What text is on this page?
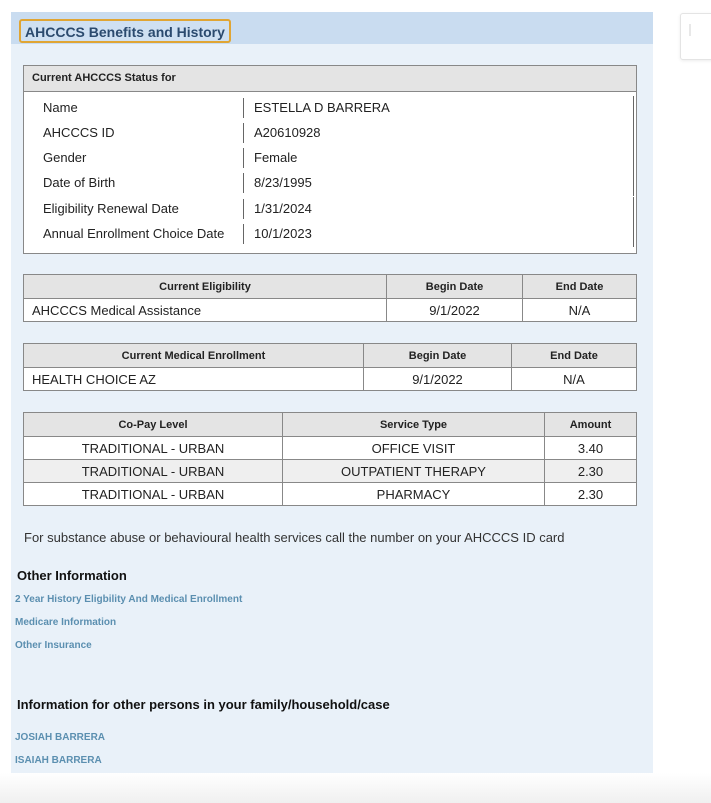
AHCCCS Benefits and History
Current AHCCCS Status for
Name	ESTELLA D BARRERA
AHCCCS ID	A20610928
Gender	Female
Date of Birth	8/23/1995
Eligibility Renewal Date	1/31/2024
Annual Enrollment Choice Date 10/1/2023
Current Eligibility	Begin Date	End Date
AHCCCS Medical Assistance	9/1/2022	N/A
Current Medical Enrollment	Begin Date	End Date
HEALTH CHOICE AZ	9/1/2022	N/A
Co-Pay Level	Service Type	Amount
TRADITIONAL - URBAN	OFFICE VISIT	3.40
TRADITIONAL - URBAN	OUTPATIENT THERAPY	2.30
TRADITIONAL - URBAN	PHARMACY	2.30
For substance abuse or behavioural health services call the number on your AHCCCS ID card
Other Information
2 Year History Eligbility And Medical Enrollment
Medicare Information
Other Insurance
Information for other persons in your family/household/case
JOSIAH BARRERA
ISAIAH BARRERA
